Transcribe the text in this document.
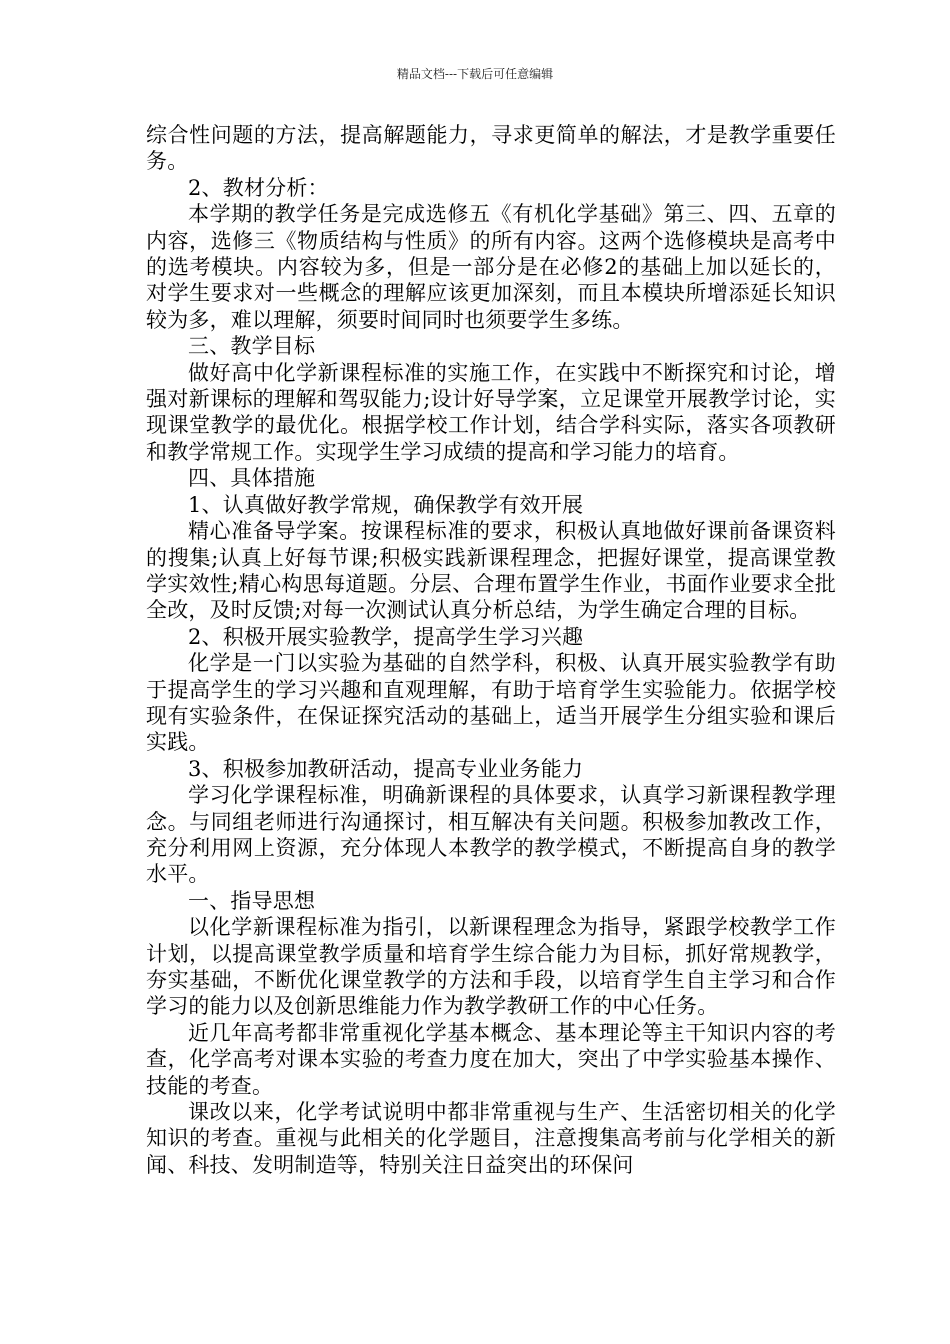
精品文档---下载后可任意编辑

综合性问题的方法，提高解题能力，寻求更简单的解法，才是教学重要任务。

2、教材分析：

本学期的教学任务是完成选修五《有机化学基础》第三、四、五章的内容，选修三《物质结构与性质》的所有内容。这两个选修模块是高考中的选考模块。内容较为多，但是一部分是在必修2的基础上加以延长的，对学生要求对一些概念的理解应该更加深刻，而且本模块所增添延长知识较为多，难以理解，须要时间同时也须要学生多练。

三、教学目标

做好高中化学新课程标准的实施工作，在实践中不断探究和讨论，增强对新课标的理解和驾驭能力;设计好导学案，立足课堂开展教学讨论，实现课堂教学的最优化。根据学校工作计划，结合学科实际，落实各项教研和教学常规工作。实现学生学习成绩的提高和学习能力的培育。

四、具体措施

1、认真做好教学常规，确保教学有效开展

精心准备导学案。按课程标准的要求，积极认真地做好课前备课资料的搜集;认真上好每节课;积极实践新课程理念，把握好课堂，提高课堂教学实效性;精心构思每道题。分层、合理布置学生作业，书面作业要求全批全改，及时反馈;对每一次测试认真分析总结，为学生确定合理的目标。

2、积极开展实验教学，提高学生学习兴趣

化学是一门以实验为基础的自然学科，积极、认真开展实验教学有助于提高学生的学习兴趣和直观理解，有助于培育学生实验能力。依据学校现有实验条件，在保证探究活动的基础上，适当开展学生分组实验和课后实践。

3、积极参加教研活动，提高专业业务能力

学习化学课程标准，明确新课程的具体要求，认真学习新课程教学理念。与同组老师进行沟通探讨，相互解决有关问题。积极参加教改工作，充分利用网上资源，充分体现人本教学的教学模式，不断提高自身的教学水平。

一、指导思想

以化学新课程标准为指引，以新课程理念为指导，紧跟学校教学工作计划，以提高课堂教学质量和培育学生综合能力为目标，抓好常规教学，夯实基础，不断优化课堂教学的方法和手段，以培育学生自主学习和合作学习的能力以及创新思维能力作为教学教研工作的中心任务。

近几年高考都非常重视化学基本概念、基本理论等主干知识内容的考查，化学高考对课本实验的考查力度在加大，突出了中学实验基本操作、技能的考查。

课改以来，化学考试说明中都非常重视与生产、生活密切相关的化学知识的考查。重视与此相关的化学题目，注意搜集高考前与化学相关的新闻、科技、发明制造等，特别关注日益突出的环保问
